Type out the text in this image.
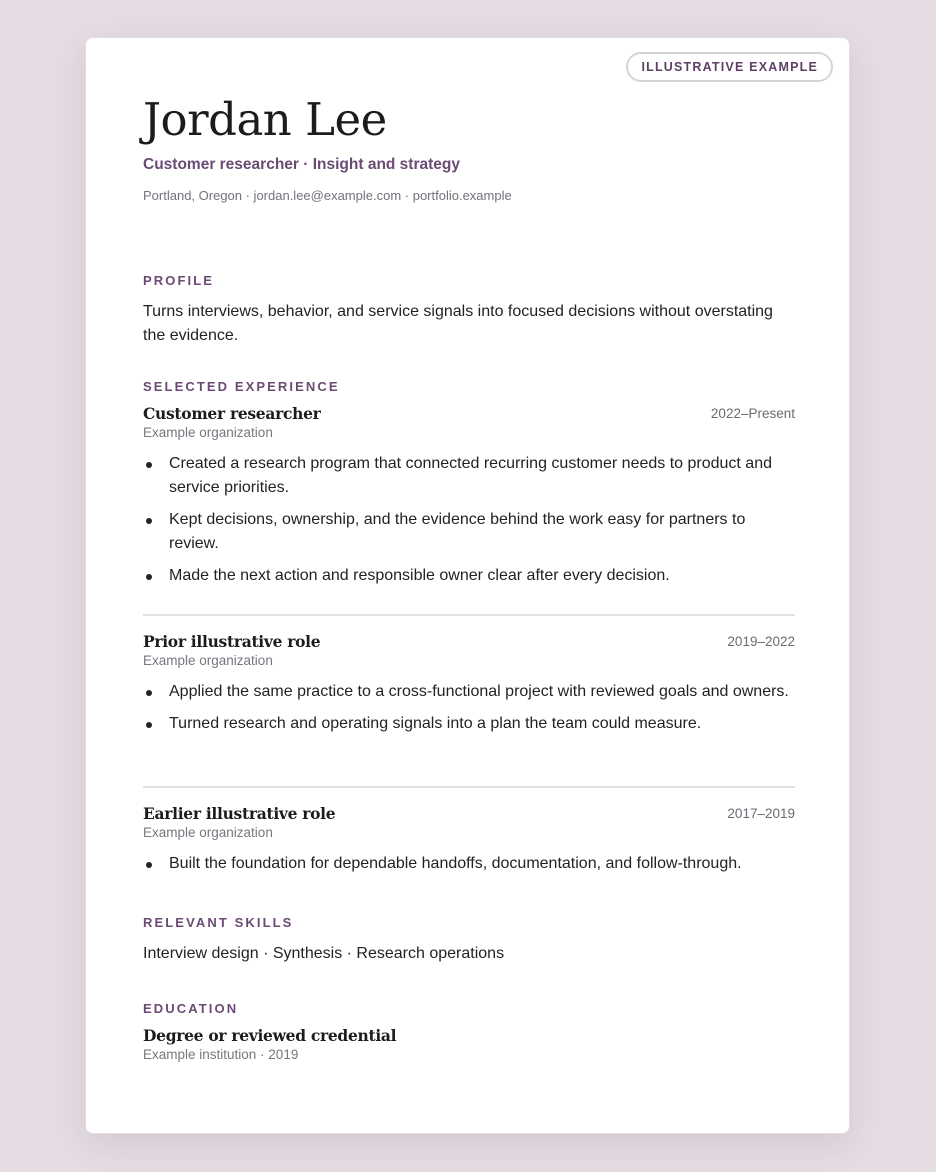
ILLUSTRATIVE EXAMPLE
Jordan Lee
Customer researcher · Insight and strategy
Portland, Oregon · jordan.lee@example.com · portfolio.example
PROFILE
Turns interviews, behavior, and service signals into focused decisions without overstating the evidence.
SELECTED EXPERIENCE
Customer researcher	2022–Present
Example organization
Created a research program that connected recurring customer needs to product and service priorities.
Kept decisions, ownership, and the evidence behind the work easy for partners to review.
Made the next action and responsible owner clear after every decision.
Prior illustrative role	2019–2022
Example organization
Applied the same practice to a cross-functional project with reviewed goals and owners.
Turned research and operating signals into a plan the team could measure.
Earlier illustrative role	2017–2019
Example organization
Built the foundation for dependable handoffs, documentation, and follow-through.
RELEVANT SKILLS
Interview design · Synthesis · Research operations
EDUCATION
Degree or reviewed credential
Example institution · 2019
